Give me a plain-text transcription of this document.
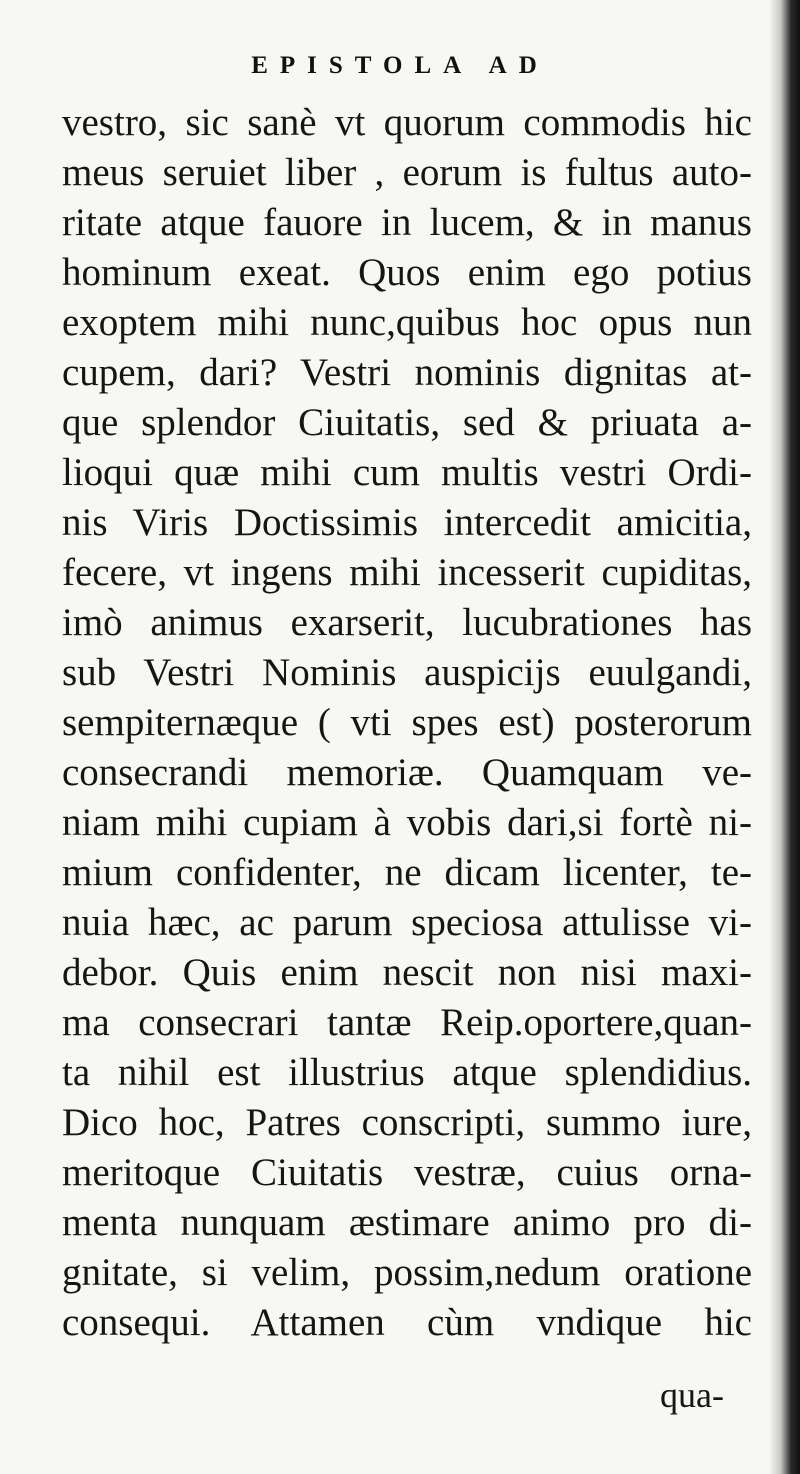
EPISTOLA AD
vestro, sic sanè vt quorum commodis hic
meus seruiet liber , eorum is fultus auto-
ritate atque fauore in lucem, & in manus
hominum exeat. Quos enim ego potius
exoptem mihi nunc,quibus hoc opus nun
cupem, dari? Vestri nominis dignitas at-
que splendor Ciuitatis, sed & priuata a-
lioqui quæ mihi cum multis vestri Ordi-
nis Viris Doctissimis intercedit amicitia,
fecere, vt ingens mihi incesserit cupiditas,
imò animus exarserit, lucubrationes has
sub Vestri Nominis auspicijs euulgandi,
sempiternæque ( vti spes est) posterorum
consecrandi memoriæ. Quamquam ve-
niam mihi cupiam à vobis dari,si fortè ni-
mium confidenter, ne dicam licenter, te-
nuia hæc, ac parum speciosa attulisse vi-
debor. Quis enim nescit non nisi maxi-
ma consecrari tantæ Reip.oportere,quan-
ta nihil est illustrius atque splendidius.
Dico hoc, Patres conscripti, summo iure,
meritoque Ciuitatis vestræ, cuius orna-
menta nunquam æstimare animo pro di-
gnitate, si velim, possim,nedum oratione
consequi. Attamen cùm vndique hic
qua-
